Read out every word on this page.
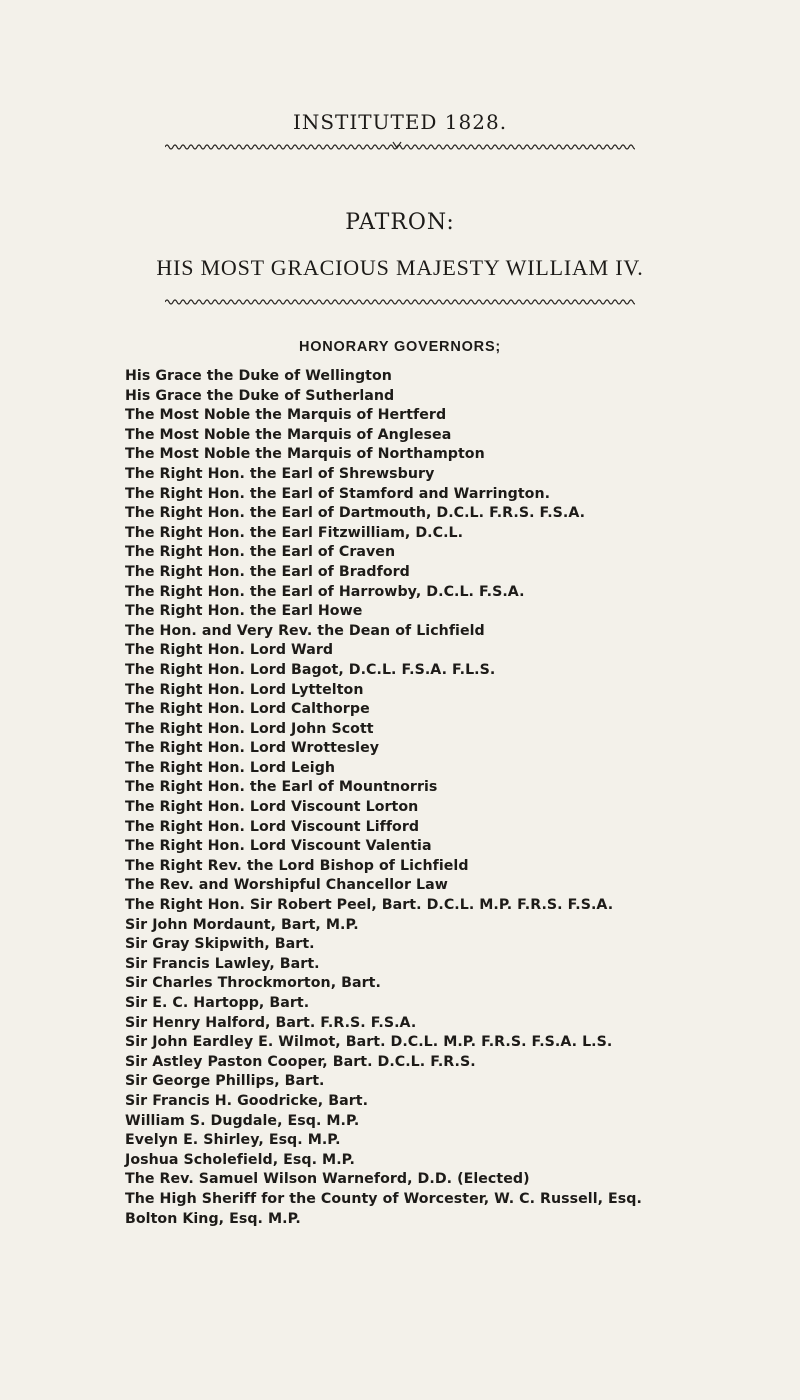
INSTITUTED 1828.
PATRON:
HIS MOST GRACIOUS MAJESTY WILLIAM IV.
HONORARY GOVERNORS;
His Grace the Duke of Wellington
His Grace the Duke of Sutherland
The Most Noble the Marquis of Hertferd
The Most Noble the Marquis of Anglesea
The Most Noble the Marquis of Northampton
The Right Hon. the Earl of Shrewsbury
The Right Hon. the Earl of Stamford and Warrington.
The Right Hon. the Earl of Dartmouth, D.C.L. F.R.S. F.S.A.
The Right Hon. the Earl Fitzwilliam, D.C.L.
The Right Hon. the Earl of Craven
The Right Hon. the Earl of Bradford
The Right Hon. the Earl of Harrowby, D.C.L. F.S.A.
The Right Hon. the Earl Howe
The Hon. and Very Rev. the Dean of Lichfield
The Right Hon. Lord Ward
The Right Hon. Lord Bagot, D.C.L. F.S.A. F.L.S.
The Right Hon. Lord Lyttelton
The Right Hon. Lord Calthorpe
The Right Hon. Lord John Scott
The Right Hon. Lord Wrottesley
The Right Hon. Lord Leigh
The Right Hon. the Earl of Mountnorris
The Right Hon. Lord Viscount Lorton
The Right Hon. Lord Viscount Lifford
The Right Hon. Lord Viscount Valentia
The Right Rev. the Lord Bishop of Lichfield
The Rev. and Worshipful Chancellor Law
The Right Hon. Sir Robert Peel, Bart. D.C.L. M.P. F.R.S. F.S.A.
Sir John Mordaunt, Bart, M.P.
Sir Gray Skipwith, Bart.
Sir Francis Lawley, Bart.
Sir Charles Throckmorton, Bart.
Sir E. C. Hartopp, Bart.
Sir Henry Halford, Bart. F.R.S. F.S.A.
Sir John Eardley E. Wilmot, Bart. D.C.L. M.P. F.R.S. F.S.A. L.S.
Sir Astley Paston Cooper, Bart. D.C.L. F.R.S.
Sir George Phillips, Bart.
Sir Francis H. Goodricke, Bart.
William S. Dugdale, Esq. M.P.
Evelyn E. Shirley, Esq. M.P.
Joshua Scholefield, Esq. M.P.
The Rev. Samuel Wilson Warneford, D.D. (Elected)
The High Sheriff for the County of Worcester, W. C. Russell, Esq.
Bolton King, Esq. M.P.
